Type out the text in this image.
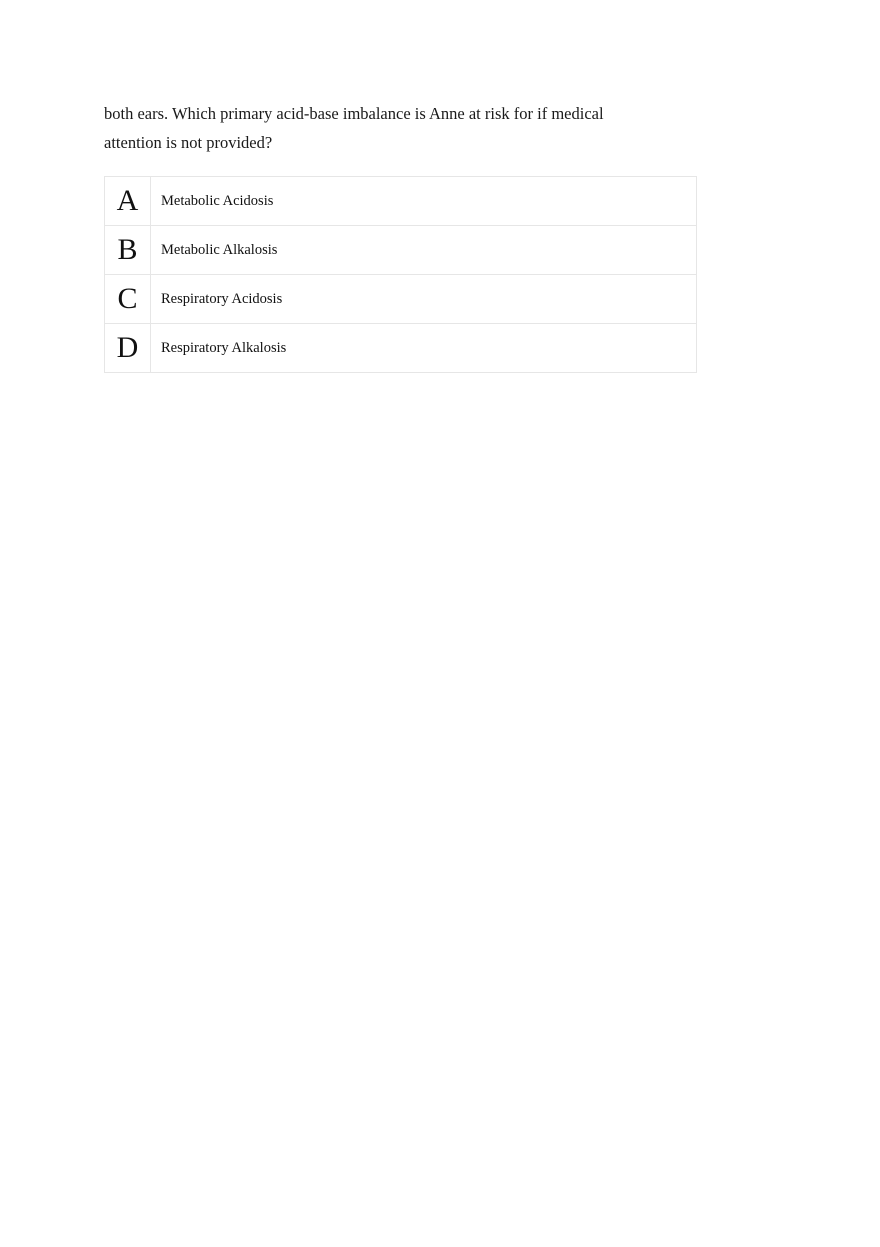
both ears. Which primary acid-base imbalance is Anne at risk for if medical
attention is not provided?

A	Metabolic Acidosis
B	Metabolic Alkalosis
C	Respiratory Acidosis
D	Respiratory Alkalosis
